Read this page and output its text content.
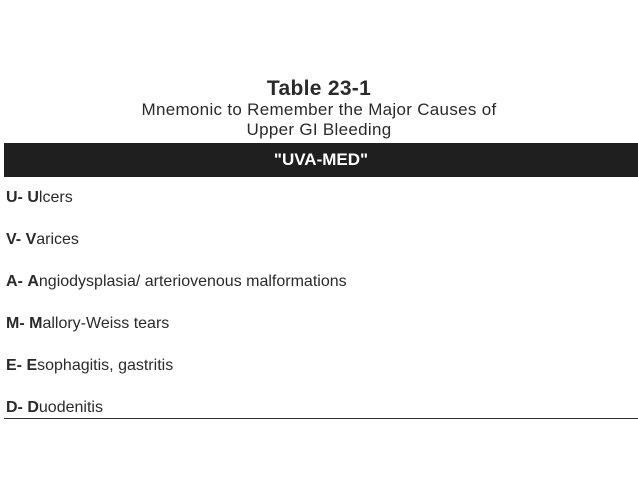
Table 23-1
Mnemonic to Remember the Major Causes of
Upper GI Bleeding
"UVA-MED"
U- Ulcers
V- Varices
A- Angiodysplasia/ arteriovenous malformations
M- Mallory-Weiss tears
E- Esophagitis, gastritis
D- Duodenitis
